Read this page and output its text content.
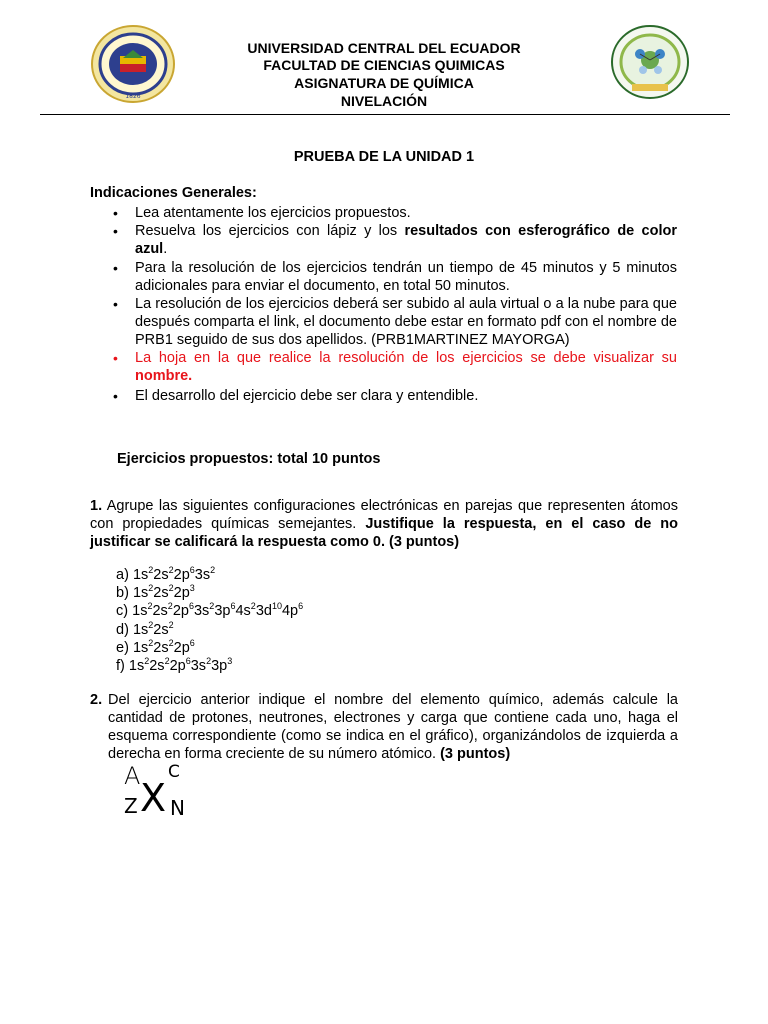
1826
UNIVERSIDAD CENTRAL DEL ECUADOR
FACULTAD DE CIENCIAS QUIMICAS
ASIGNATURA DE QUÍMICA
NIVELACIÓN
PRUEBA DE LA UNIDAD 1
Indicaciones Generales:
•	Lea atentamente los ejercicios propuestos.
•	Resuelva los ejercicios con lápiz y los resultados con esferográfico de color azul.
•	Para la resolución de los ejercicios tendrán un tiempo de 45 minutos y 5 minutos adicionales para enviar el documento, en total 50 minutos.
•	La resolución de los ejercicios deberá ser subido al aula virtual o a la nube para que después comparta el link, el documento debe estar en formato pdf con el nombre de PRB1 seguido de sus dos apellidos. (PRB1MARTINEZ MAYORGA)
•	La hoja en la que realice la resolución de los ejercicios se debe visualizar su nombre.
•	El desarrollo del ejercicio debe ser clara y entendible.
Ejercicios propuestos: total 10 puntos
1. Agrupe las siguientes configuraciones electrónicas en parejas que representen átomos con propiedades químicas semejantes. Justifique la respuesta, en el caso de no justificar se calificará la respuesta como 0. (3 puntos)
a) $1s^22s^22p^63s^2$
b) $1s^22s^22p^3$
c) $1s^22s^22p^63s^23p^64s^23d^{10}4p^6$
d) $1s^22s^2$
e) $1s^22s^22p^6$
f) $1s^22s^22p^63s^23p^3$
2. Del ejercicio anterior indique el nombre del elemento químico, además calcule la cantidad de protones, neutrones, electrones y carga que contiene cada uno, haga el esquema correspondiente (como se indica en el gráfico), organizándolos de izquierda a derecha en forma creciente de su número atómico. (3 puntos)
A C
Z X N
